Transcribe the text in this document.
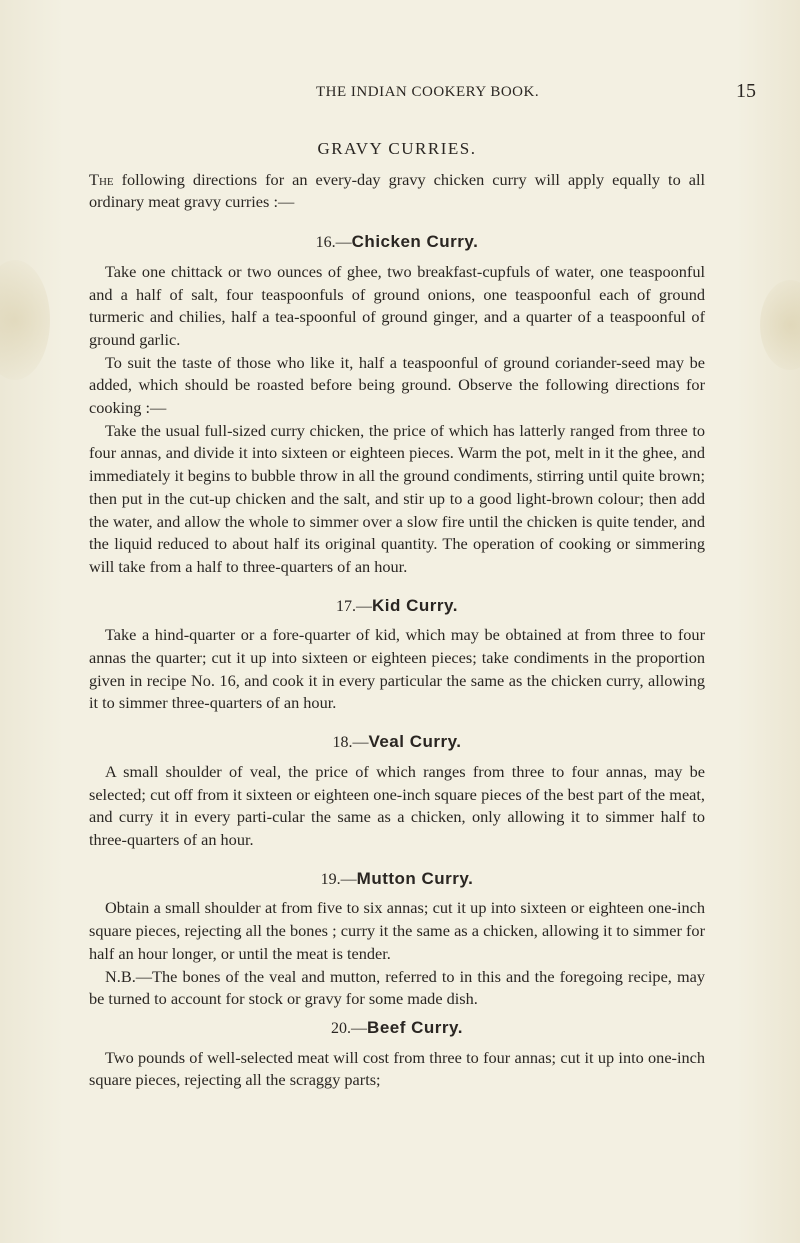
THE INDIAN COOKERY BOOK.	15
GRAVY CURRIES.

The following directions for an every-day gravy chicken curry will apply equally to all ordinary meat gravy curries :—

16.—Chicken Curry.

Take one chittack or two ounces of ghee, two breakfast-cupfuls of water, one teaspoonful and a half of salt, four teaspoonfuls of ground onions, one teaspoonful each of ground turmeric and chilies, half a tea-spoonful of ground ginger, and a quarter of a teaspoonful of ground garlic.

To suit the taste of those who like it, half a teaspoonful of ground coriander-seed may be added, which should be roasted before being ground. Observe the following directions for cooking :—

Take the usual full-sized curry chicken, the price of which has latterly ranged from three to four annas, and divide it into sixteen or eighteen pieces. Warm the pot, melt in it the ghee, and immediately it begins to bubble throw in all the ground condiments, stirring until quite brown; then put in the cut-up chicken and the salt, and stir up to a good light-brown colour; then add the water, and allow the whole to simmer over a slow fire until the chicken is quite tender, and the liquid reduced to about half its original quantity. The operation of cooking or simmering will take from a half to three-quarters of an hour.

17.—Kid Curry.

Take a hind-quarter or a fore-quarter of kid, which may be obtained at from three to four annas the quarter; cut it up into sixteen or eighteen pieces; take condiments in the proportion given in recipe No. 16, and cook it in every particular the same as the chicken curry, allowing it to simmer three-quarters of an hour.

18.—Veal Curry.

A small shoulder of veal, the price of which ranges from three to four annas, may be selected; cut off from it sixteen or eighteen one-inch square pieces of the best part of the meat, and curry it in every parti-cular the same as a chicken, only allowing it to simmer half to three-quarters of an hour.

19.—Mutton Curry.

Obtain a small shoulder at from five to six annas; cut it up into sixteen or eighteen one-inch square pieces, rejecting all the bones ; curry it the same as a chicken, allowing it to simmer for half an hour longer, or until the meat is tender.

N.B.—The bones of the veal and mutton, referred to in this and the foregoing recipe, may be turned to account for stock or gravy for some made dish.

20.—Beef Curry.

Two pounds of well-selected meat will cost from three to four annas; cut it up into one-inch square pieces, rejecting all the scraggy parts;
